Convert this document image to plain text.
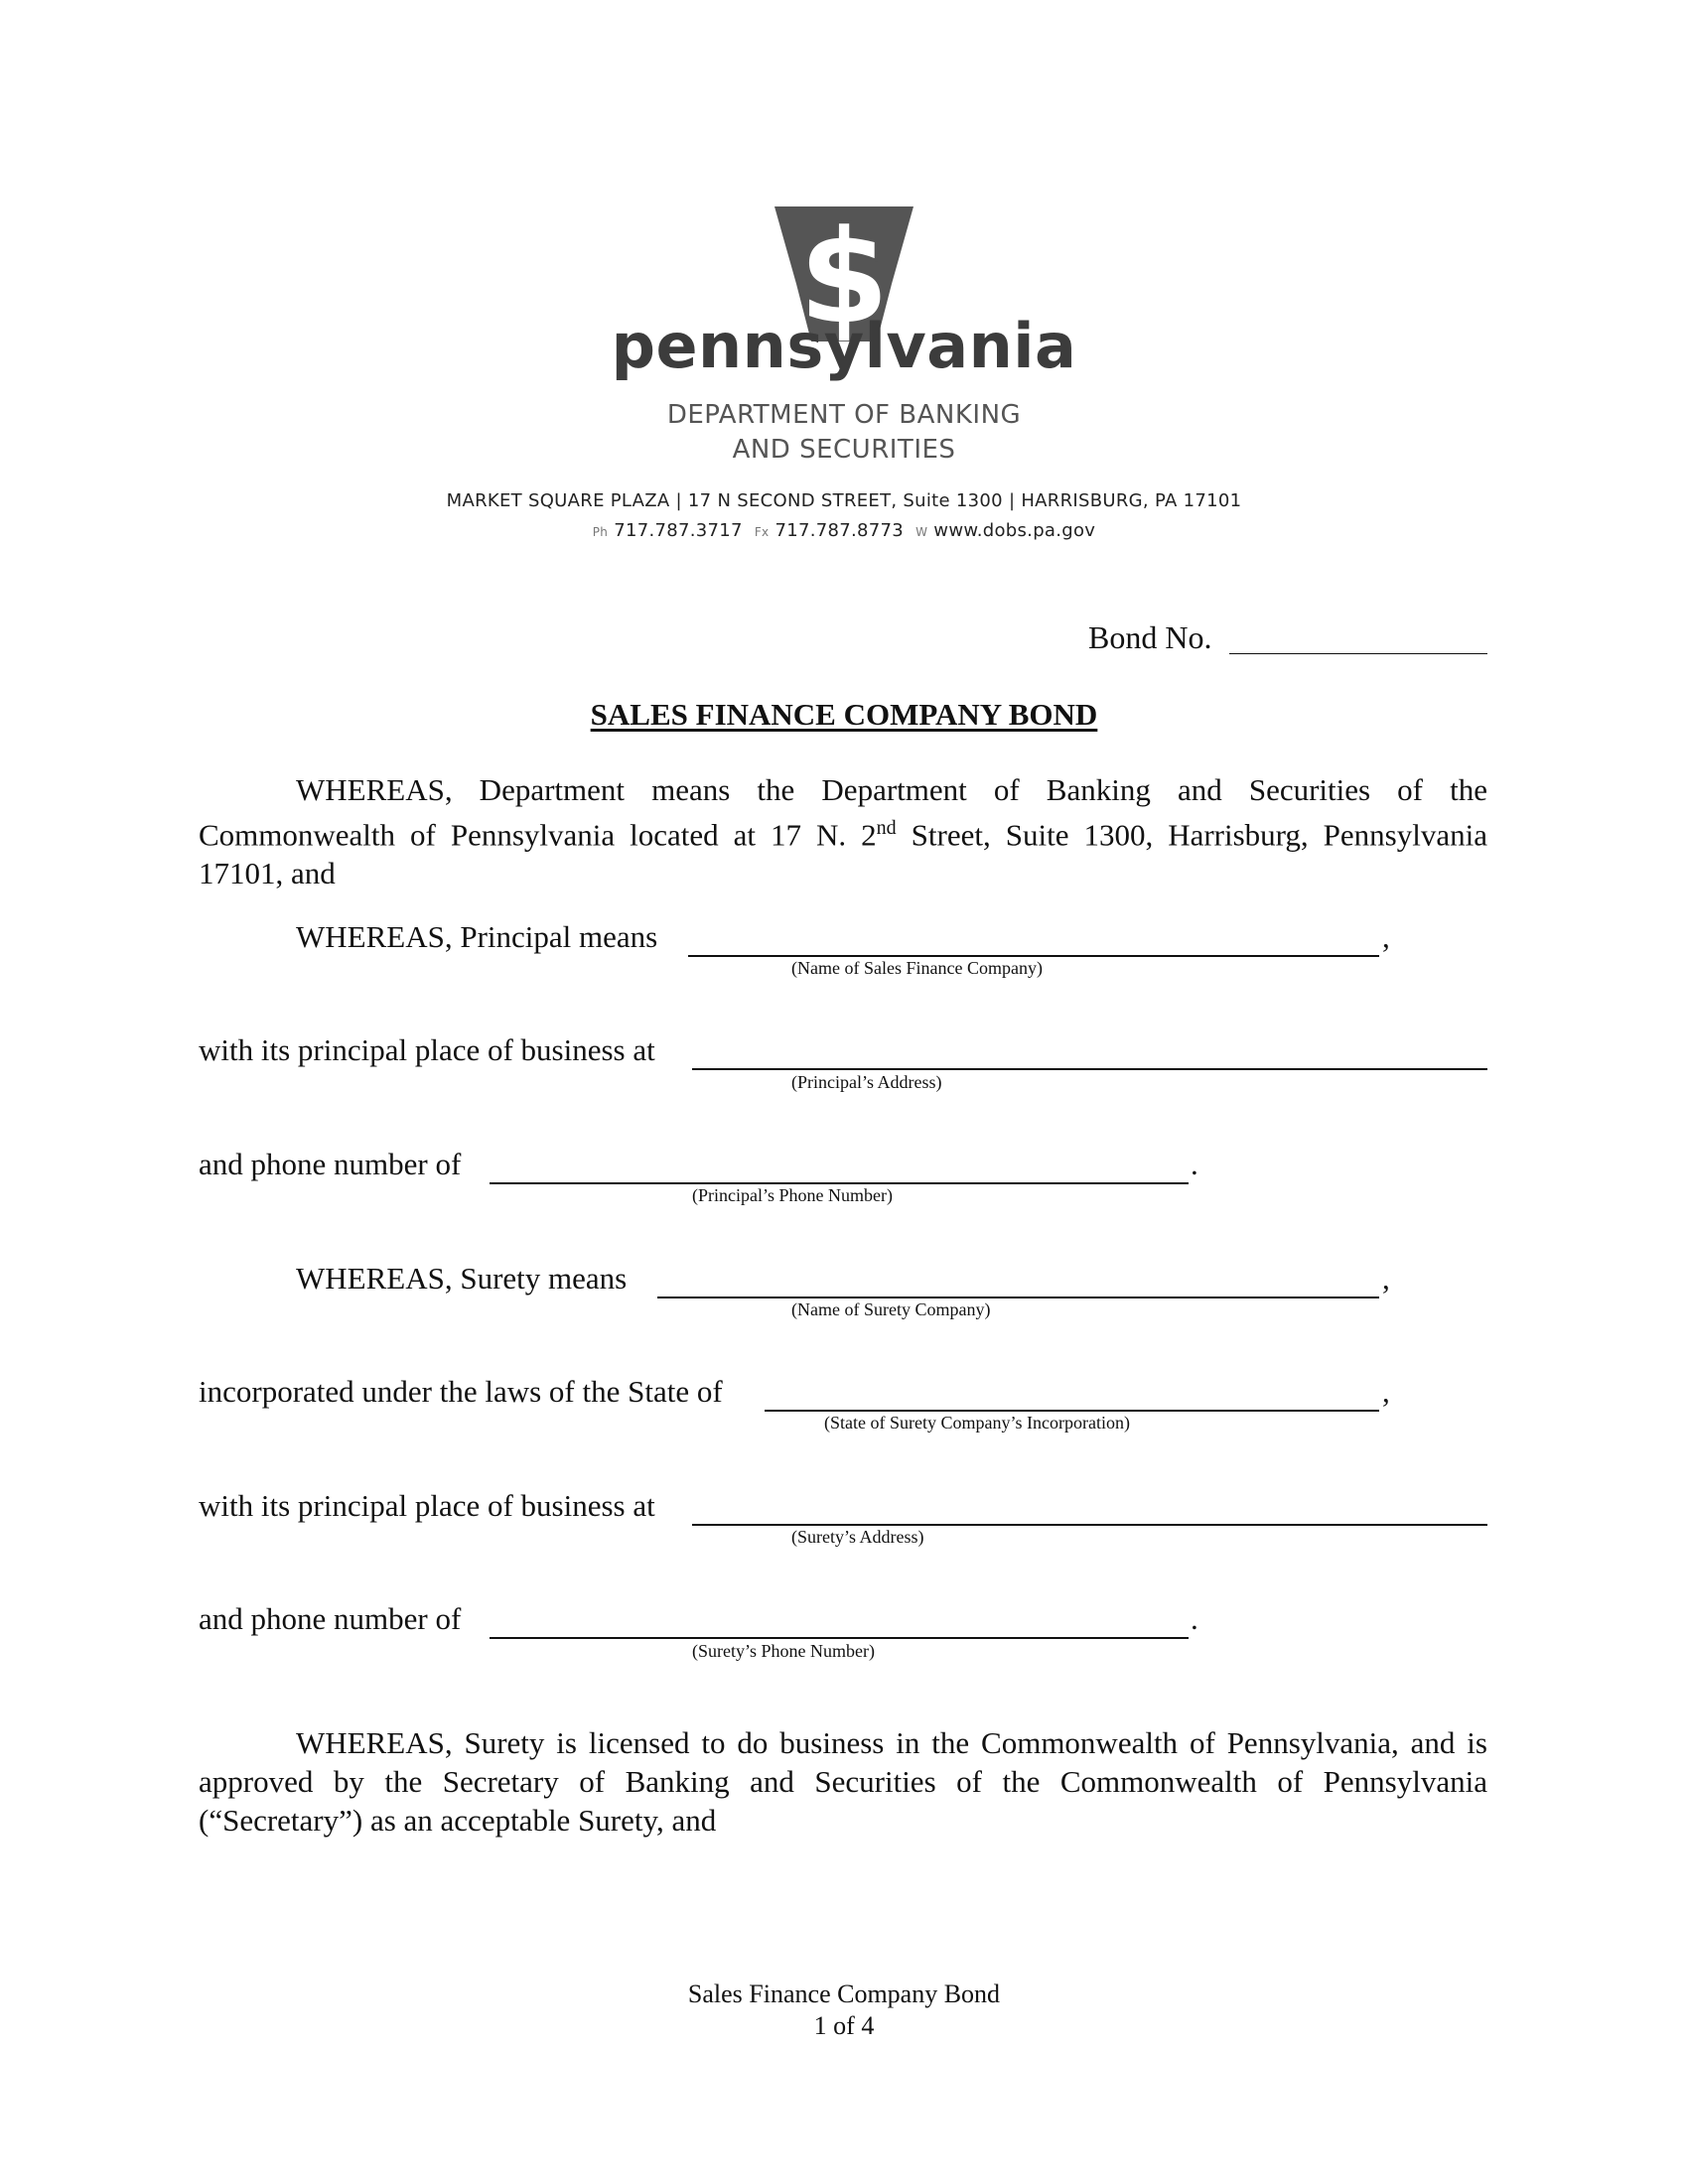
$
pennsylvania
DEPARTMENT OF BANKING
AND SECURITIES
MARKET SQUARE PLAZA | 17 N SECOND STREET, Suite 1300 | HARRISBURG, PA 17101
Ph 717.787.3717 Fx 717.787.8773 W www.dobs.pa.gov
Bond No.
SALES FINANCE COMPANY BOND
WHEREAS, Department means the Department of Banking and Securities of the Commonwealth of Pennsylvania located at 17 N. 2nd Street, Suite 1300, Harrisburg, Pennsylvania 17101, and
WHEREAS, Principal means	,
(Name of Sales Finance Company)
with its principal place of business at
(Principal’s Address)
and phone number of	.
(Principal’s Phone Number)
WHEREAS, Surety means	,
(Name of Surety Company)
incorporated under the laws of the State of	,
(State of Surety Company’s Incorporation)
with its principal place of business at
(Surety’s Address)
and phone number of	.
(Surety’s Phone Number)
WHEREAS, Surety is licensed to do business in the Commonwealth of Pennsylvania, and is approved by the Secretary of Banking and Securities of the Commonwealth of Pennsylvania (“Secretary”) as an acceptable Surety, and
Sales Finance Company Bond
1 of 4
